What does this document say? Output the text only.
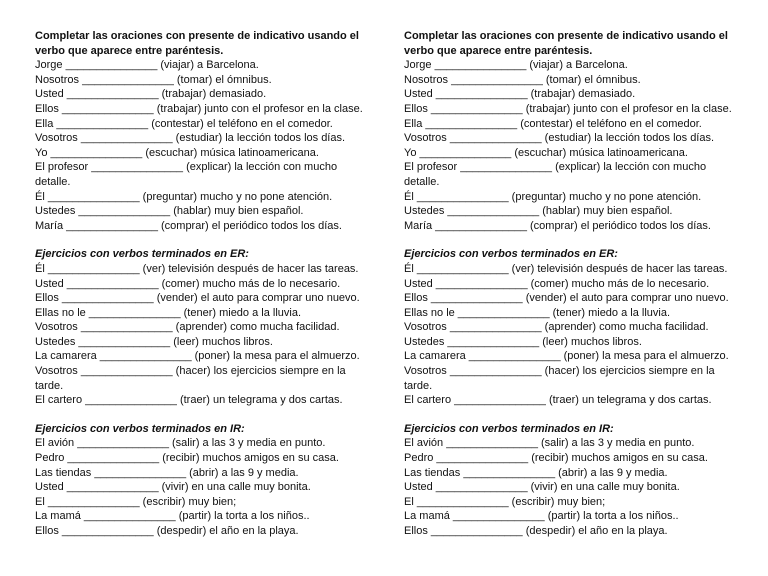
Completar las oraciones con presente de indicativo usando el verbo que aparece entre paréntesis.
Jorge _______________ (viajar) a Barcelona.
Nosotros _______________ (tomar) el ómnibus.
Usted _______________ (trabajar) demasiado.
Ellos _______________ (trabajar) junto con el profesor en la clase.
Ella _______________ (contestar) el teléfono en el comedor.
Vosotros _______________ (estudiar) la lección todos los días.
Yo _______________ (escuchar) música latinoamericana.
El profesor _______________ (explicar) la lección con mucho detalle.
Él _______________ (preguntar) mucho y no pone atención.
Ustedes _______________ (hablar) muy bien español.
María _______________ (comprar) el periódico todos los días.
Ejercicios con verbos terminados en ER:
Él _______________ (ver) televisión después de hacer las tareas.
Usted _______________ (comer) mucho más de lo necesario.
Ellos _______________ (vender) el auto para comprar uno nuevo.
Ellas no le _______________ (tener) miedo a la lluvia.
Vosotros _______________ (aprender) como mucha facilidad.
Ustedes _______________ (leer) muchos libros.
La camarera _______________ (poner) la mesa para el almuerzo.
Vosotros _______________ (hacer) los ejercicios siempre en la tarde.
El cartero _______________ (traer) un telegrama y dos cartas.
Ejercicios con verbos terminados en IR:
El avión _______________ (salir) a las 3 y media en punto.
Pedro _______________ (recibir) muchos amigos en su casa.
Las tiendas _______________ (abrir) a las 9 y media.
Usted _______________ (vivir) en una calle muy bonita.
El _______________ (escribir) muy bien;
La mamá _______________ (partir) la torta a los niños..
Ellos _______________ (despedir) el año en la playa.
Completar las oraciones con presente de indicativo usando el verbo que aparece entre paréntesis.
Jorge _______________ (viajar) a Barcelona.
Nosotros _______________ (tomar) el ómnibus.
Usted _______________ (trabajar) demasiado.
Ellos _______________ (trabajar) junto con el profesor en la clase.
Ella _______________ (contestar) el teléfono en el comedor.
Vosotros _______________ (estudiar) la lección todos los días.
Yo _______________ (escuchar) música latinoamericana.
El profesor _______________ (explicar) la lección con mucho detalle.
Él _______________ (preguntar) mucho y no pone atención.
Ustedes _______________ (hablar) muy bien español.
María _______________ (comprar) el periódico todos los días.
Ejercicios con verbos terminados en ER:
Él _______________ (ver) televisión después de hacer las tareas.
Usted _______________ (comer) mucho más de lo necesario.
Ellos _______________ (vender) el auto para comprar uno nuevo.
Ellas no le _______________ (tener) miedo a la lluvia.
Vosotros _______________ (aprender) como mucha facilidad.
Ustedes _______________ (leer) muchos libros.
La camarera _______________ (poner) la mesa para el almuerzo.
Vosotros _______________ (hacer) los ejercicios siempre en la tarde.
El cartero _______________ (traer) un telegrama y dos cartas.
Ejercicios con verbos terminados en IR:
El avión _______________ (salir) a las 3 y media en punto.
Pedro _______________ (recibir) muchos amigos en su casa.
Las tiendas _______________ (abrir) a las 9 y media.
Usted _______________ (vivir) en una calle muy bonita.
El _______________ (escribir) muy bien;
La mamá _______________ (partir) la torta a los niños..
Ellos _______________ (despedir) el año en la playa.
